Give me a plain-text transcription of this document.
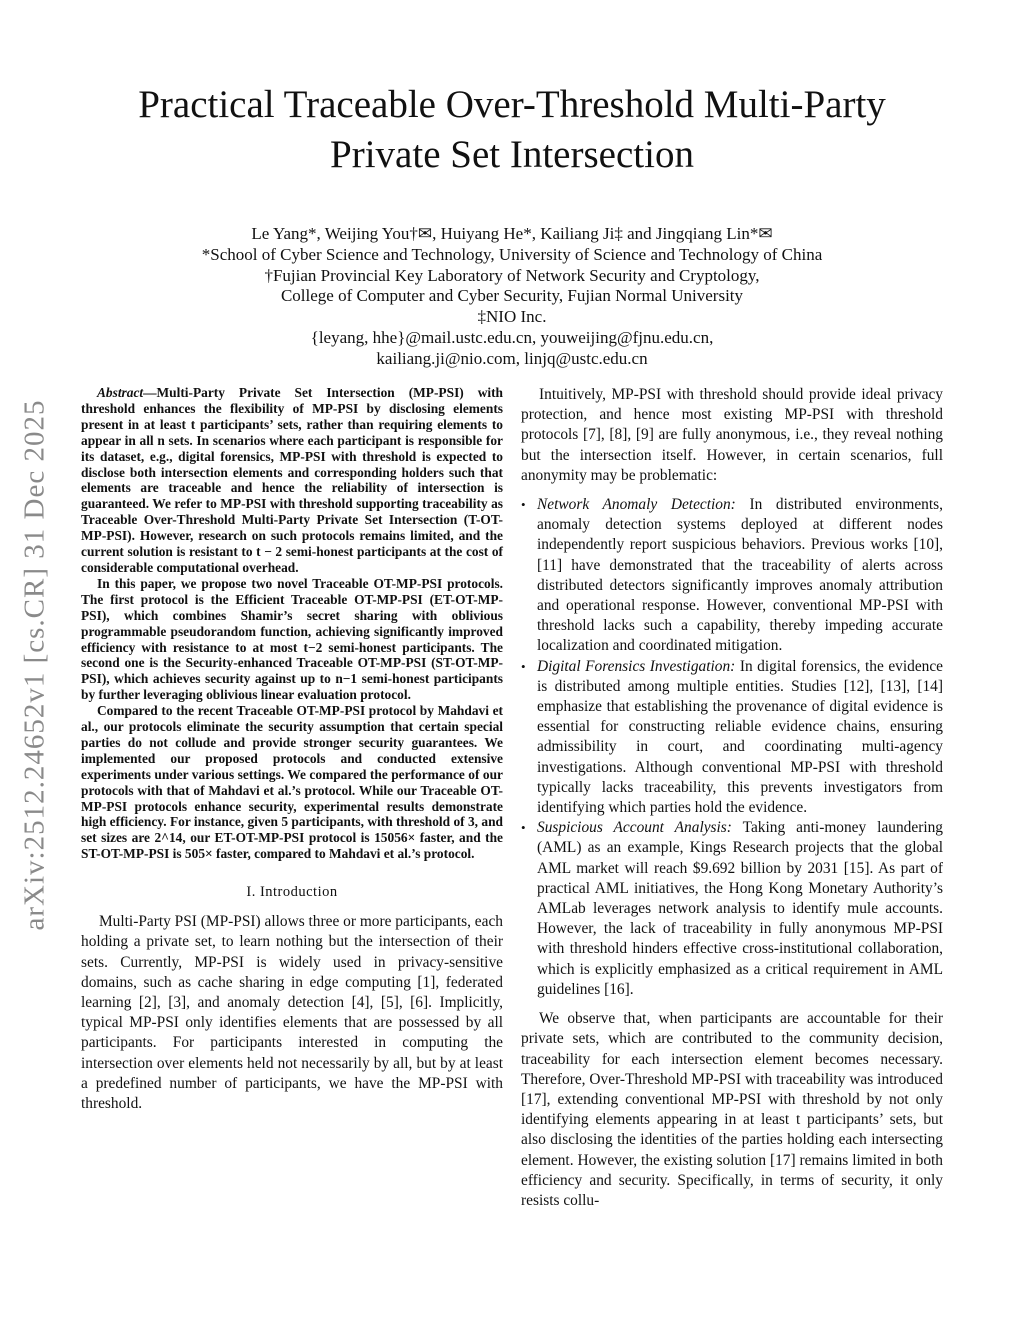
arXiv:2512.24652v1 [cs.CR] 31 Dec 2025
Practical Traceable Over-Threshold Multi-Party
Private Set Intersection
Le Yang*, Weijing You†✉, Huiyang He*, Kailiang Ji‡ and Jingqiang Lin*✉
*School of Cyber Science and Technology, University of Science and Technology of China
†Fujian Provincial Key Laboratory of Network Security and Cryptology,
College of Computer and Cyber Security, Fujian Normal University
‡NIO Inc.
{leyang, hhe}@mail.ustc.edu.cn, youweijing@fjnu.edu.cn,
kailiang.ji@nio.com, linjq@ustc.edu.cn

Abstract—Multi-Party Private Set Intersection (MP-PSI) with threshold enhances the flexibility of MP-PSI by disclosing elements present in at least t participants’ sets, rather than requiring elements to appear in all n sets. In scenarios where each participant is responsible for its dataset, e.g., digital forensics, MP-PSI with threshold is expected to disclose both intersection elements and corresponding holders such that elements are traceable and hence the reliability of intersection is guaranteed. We refer to MP-PSI with threshold supporting traceability as Traceable Over-Threshold Multi-Party Private Set Intersection (T-OT-MP-PSI). However, research on such protocols remains limited, and the current solution is resistant to t − 2 semi-honest participants at the cost of considerable computational overhead.

In this paper, we propose two novel Traceable OT-MP-PSI protocols. The first protocol is the Efficient Traceable OT-MP-PSI (ET-OT-MP-PSI), which combines Shamir’s secret sharing with oblivious programmable pseudorandom function, achieving significantly improved efficiency with resistance to at most t−2 semi-honest participants. The second one is the Security-enhanced Traceable OT-MP-PSI (ST-OT-MP-PSI), which achieves security against up to n−1 semi-honest participants by further leveraging oblivious linear evaluation protocol.

Compared to the recent Traceable OT-MP-PSI protocol by Mahdavi et al., our protocols eliminate the security assumption that certain special parties do not collude and provide stronger security guarantees. We implemented our proposed protocols and conducted extensive experiments under various settings. We compared the performance of our protocols with that of Mahdavi et al.’s protocol. While our Traceable OT-MP-PSI protocols enhance security, experimental results demonstrate high efficiency. For instance, given 5 participants, with threshold of 3, and set sizes are 2^14, our ET-OT-MP-PSI protocol is 15056× faster, and the ST-OT-MP-PSI is 505× faster, compared to Mahdavi et al.’s protocol.

I. Introduction

Multi-Party PSI (MP-PSI) allows three or more participants, each holding a private set, to learn nothing but the intersection of their sets. Currently, MP-PSI is widely used in privacy-sensitive domains, such as cache sharing in edge computing [1], federated learning [2], [3], and anomaly detection [4], [5], [6]. Implicitly, typical MP-PSI only identifies elements that are possessed by all participants. For participants interested in computing the intersection over elements held not necessarily by all, but by at least a predefined number of participants, we have the MP-PSI with threshold.

Intuitively, MP-PSI with threshold should provide ideal privacy protection, and hence most existing MP-PSI with threshold protocols [7], [8], [9] are fully anonymous, i.e., they reveal nothing but the intersection itself. However, in certain scenarios, full anonymity may be problematic:

• Network Anomaly Detection: In distributed environments, anomaly detection systems deployed at different nodes independently report suspicious behaviors. Previous works [10], [11] have demonstrated that the traceability of alerts across distributed detectors significantly improves anomaly attribution and operational response. However, conventional MP-PSI with threshold lacks such a capability, thereby impeding accurate localization and coordinated mitigation.
• Digital Forensics Investigation: In digital forensics, the evidence is distributed among multiple entities. Studies [12], [13], [14] emphasize that establishing the provenance of digital evidence is essential for constructing reliable evidence chains, ensuring admissibility in court, and coordinating multi-agency investigations. Although conventional MP-PSI with threshold typically lacks traceability, this prevents investigators from identifying which parties hold the evidence.
• Suspicious Account Analysis: Taking anti-money laundering (AML) as an example, Kings Research projects that the global AML market will reach $9.692 billion by 2031 [15]. As part of practical AML initiatives, the Hong Kong Monetary Authority’s AMLab leverages network analysis to identify mule accounts. However, the lack of traceability in fully anonymous MP-PSI with threshold hinders effective cross-institutional collaboration, which is explicitly emphasized as a critical requirement in AML guidelines [16].

We observe that, when participants are accountable for their private sets, which are contributed to the community decision, traceability for each intersection element becomes necessary. Therefore, Over-Threshold MP-PSI with traceability was introduced [17], extending conventional MP-PSI with threshold by not only identifying elements appearing in at least t participants’ sets, but also disclosing the identities of the parties holding each intersecting element. However, the existing solution [17] remains limited in both efficiency and security. Specifically, in terms of security, it only resists collu-
